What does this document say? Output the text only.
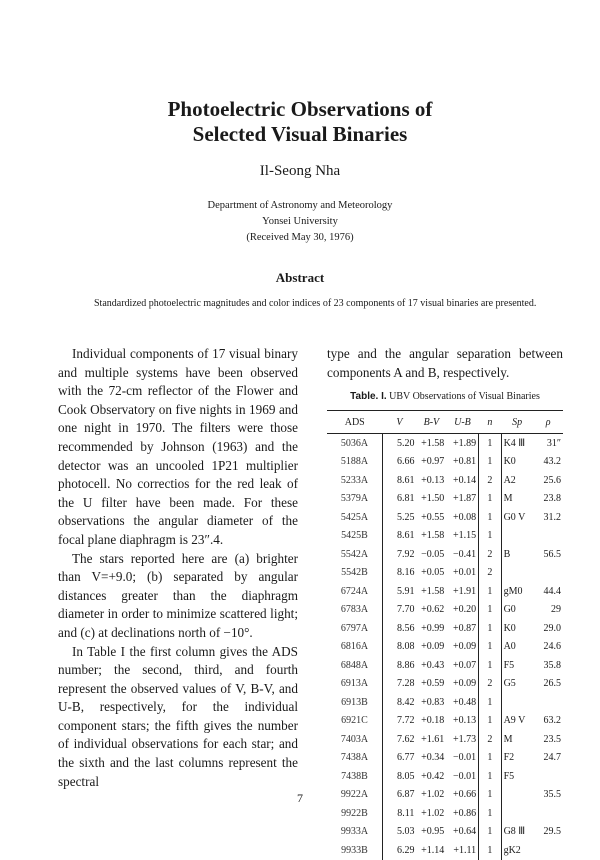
Photoelectric Observations of
Selected Visual Binaries
Il-Seong Nha
Department of Astronomy and Meteorology
Yonsei University
(Received May 30, 1976)
Abstract
Standardized photoelectric magnitudes and color indices of 23 components of 17 visual binaries are presented.

Individual components of 17 visual binary and multiple systems have been observed with the 72-cm reflector of the Flower and Cook Observatory on five nights in 1969 and one night in 1970. The filters were those recommended by Johnson (1963) and the detector was an uncooled 1P21 multiplier photocell. No correctios for the red leak of the U filter have been made. For these observations the angular diameter of the focal plane diaphragm is 23″.4.

The stars reported here are (a) brighter than V=+9.0; (b) separated by angular distances greater than the diaphragm diameter in order to minimize scattered light; and (c) at declinations north of −10°.

In Table I the first column gives the ADS number; the second, third, and fourth represent the observed values of V, B-V, and U-B, respectively, for the individual component stars; the fifth gives the number of individual observations for each star; and the sixth and the last columns represent the spectral

type and the angular separation between components A and B, respectively.
Table. I. UBV Observations of Visual Binaries
ADS	V	B-V	U-B	n	Sp	ρ
5036A	5.20	+1.58	+1.89	1	K4 Ⅲ	31″
5188A	6.66	+0.97	+0.81	1	K0	43.2
5233A	8.61	+0.13	+0.14	2	A2	25.6
5379A	6.81	+1.50	+1.87	1	M	23.8
5425A	5.25	+0.55	+0.08	1	G0 V	31.2
5425B	8.61	+1.58	+1.15	1		
5542A	7.92	−0.05	−0.41	2	B	56.5
5542B	8.16	+0.05	+0.01	2		
6724A	5.91	+1.58	+1.91	1	gM0	44.4
6783A	7.70	+0.62	+0.20	1	G0	29
6797A	8.56	+0.99	+0.87	1	K0	29.0
6816A	8.08	+0.09	+0.09	1	A0	24.6
6848A	8.86	+0.43	+0.07	1	F5	35.8
6913A	7.28	+0.59	+0.09	2	G5	26.5
6913B	8.42	+0.83	+0.48	1		
6921C	7.72	+0.18	+0.13	1	A9 V	63.2
7403A	7.62	+1.61	+1.73	2	M	23.5
7438A	6.77	+0.34	−0.01	1	F2	24.7
7438B	8.05	+0.42	−0.01	1	F5	
9922A	6.87	+1.02	+0.66	1		35.5
9922B	8.11	+1.02	+0.86	1		
9933A	5.03	+0.95	+0.64	1	G8 Ⅲ	29.5
9933B	6.29	+1.14	+1.11	1	gK2	
7
